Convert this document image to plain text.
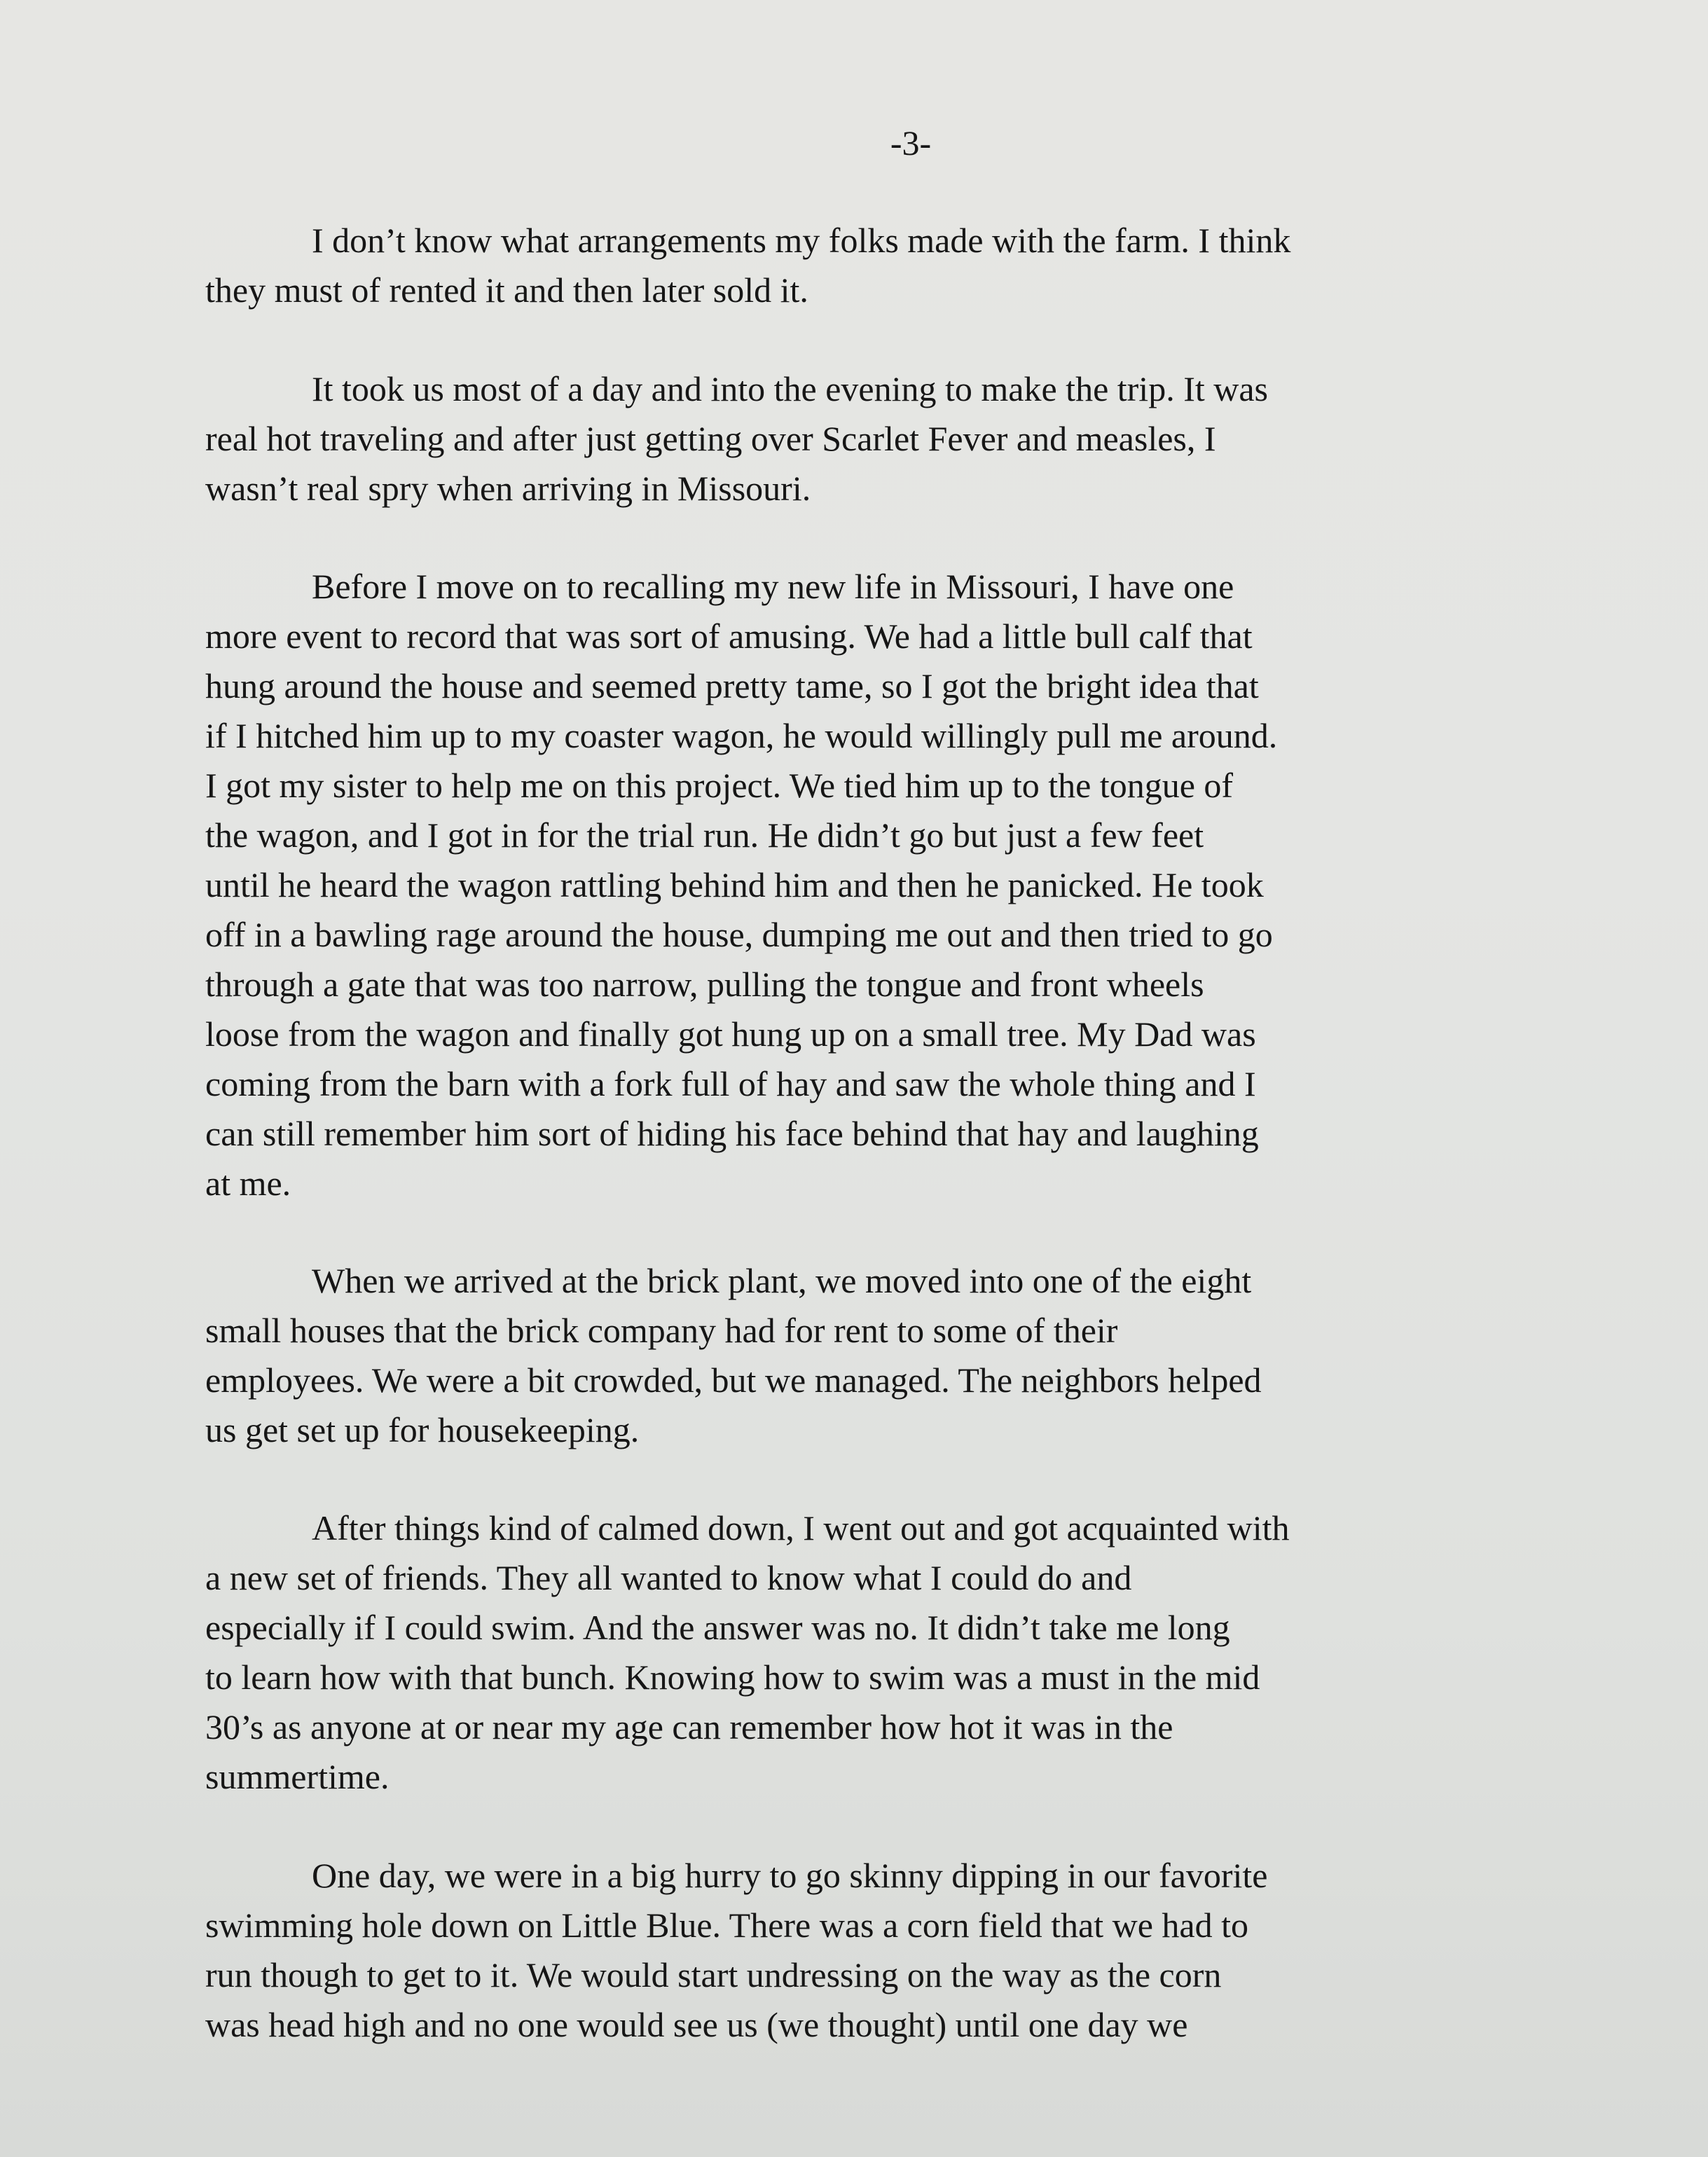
-3-
I don’t know what arrangements my folks made with the farm. I think
they must of rented it and then later sold it.
It took us most of a day and into the evening to make the trip. It was
real hot traveling and after just getting over Scarlet Fever and measles, I
wasn’t real spry when arriving in Missouri.
Before I move on to recalling my new life in Missouri, I have one
more event to record that was sort of amusing. We had a little bull calf that
hung around the house and seemed pretty tame, so I got the bright idea that
if I hitched him up to my coaster wagon, he would willingly pull me around.
I got my sister to help me on this project. We tied him up to the tongue of
the wagon, and I got in for the trial run. He didn’t go but just a few feet
until he heard the wagon rattling behind him and then he panicked. He took
off in a bawling rage around the house, dumping me out and then tried to go
through a gate that was too narrow, pulling the tongue and front wheels
loose from the wagon and finally got hung up on a small tree. My Dad was
coming from the barn with a fork full of hay and saw the whole thing and I
can still remember him sort of hiding his face behind that hay and laughing
at me.
When we arrived at the brick plant, we moved into one of the eight
small houses that the brick company had for rent to some of their
employees. We were a bit crowded, but we managed. The neighbors helped
us get set up for housekeeping.
After things kind of calmed down, I went out and got acquainted with
a new set of friends. They all wanted to know what I could do and
especially if I could swim. And the answer was no. It didn’t take me long
to learn how with that bunch. Knowing how to swim was a must in the mid
30’s as anyone at or near my age can remember how hot it was in the
summertime.
One day, we were in a big hurry to go skinny dipping in our favorite
swimming hole down on Little Blue. There was a corn field that we had to
run though to get to it. We would start undressing on the way as the corn
was head high and no one would see us (we thought) until one day we
